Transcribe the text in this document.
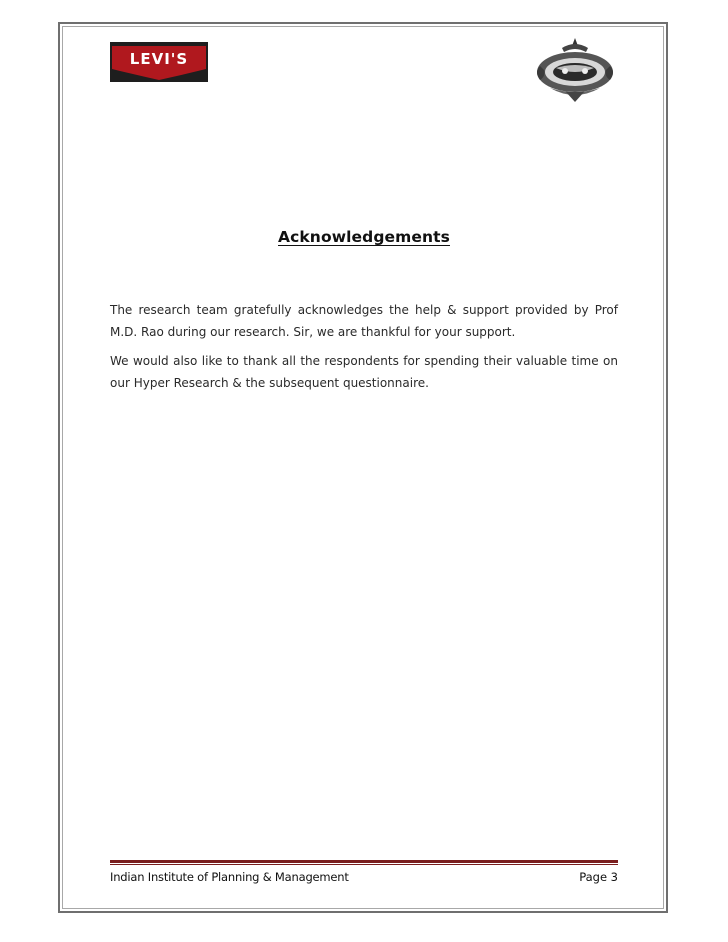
LEVI'S
Acknowledgements

The research team gratefully acknowledges the help & support provided by Prof M.D. Rao during our research. Sir, we are thankful for your support.

We would also like to thank all the respondents for spending their valuable time on our Hyper Research & the subsequent questionnaire.

Indian Institute of Planning & Management	Page 3
